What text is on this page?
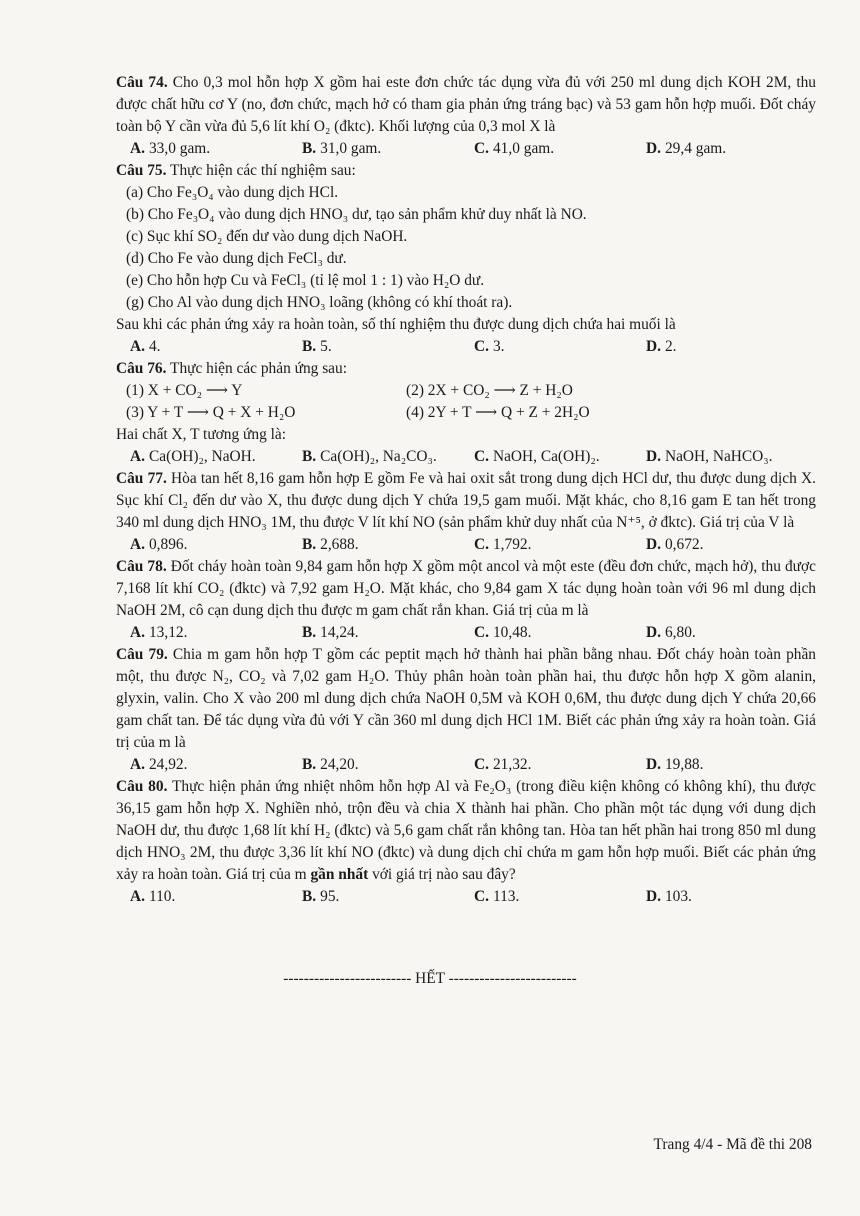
Câu 74. Cho 0,3 mol hỗn hợp X gồm hai este đơn chức tác dụng vừa đủ với 250 ml dung dịch KOH 2M, thu được chất hữu cơ Y (no, đơn chức, mạch hở có tham gia phản ứng tráng bạc) và 53 gam hỗn hợp muối. Đốt cháy toàn bộ Y cần vừa đủ 5,6 lít khí O₂ (đktc). Khối lượng của 0,3 mol X là
A. 33,0 gam.	B. 31,0 gam.	C. 41,0 gam.	D. 29,4 gam.
Câu 75. Thực hiện các thí nghiệm sau:
(a) Cho Fe₃O₄ vào dung dịch HCl.
(b) Cho Fe₃O₄ vào dung dịch HNO₃ dư, tạo sản phẩm khử duy nhất là NO.
(c) Sục khí SO₂ đến dư vào dung dịch NaOH.
(d) Cho Fe vào dung dịch FeCl₃ dư.
(e) Cho hỗn hợp Cu và FeCl₃ (tỉ lệ mol 1 : 1) vào H₂O dư.
(g) Cho Al vào dung dịch HNO₃ loãng (không có khí thoát ra).
Sau khi các phản ứng xảy ra hoàn toàn, số thí nghiệm thu được dung dịch chứa hai muối là
A. 4.	B. 5.	C. 3.	D. 2.
Câu 76. Thực hiện các phản ứng sau:
(1) X + CO₂ ⟶ Y	(2) 2X + CO₂ ⟶ Z + H₂O
(3) Y + T ⟶ Q + X + H₂O	(4) 2Y + T ⟶ Q + Z + 2H₂O
Hai chất X, T tương ứng là:
A. Ca(OH)₂, NaOH.	B. Ca(OH)₂, Na₂CO₃.	C. NaOH, Ca(OH)₂.	D. NaOH, NaHCO₃.
Câu 77. Hòa tan hết 8,16 gam hỗn hợp E gồm Fe và hai oxit sắt trong dung dịch HCl dư, thu được dung dịch X. Sục khí Cl₂ đến dư vào X, thu được dung dịch Y chứa 19,5 gam muối. Mặt khác, cho 8,16 gam E tan hết trong 340 ml dung dịch HNO₃ 1M, thu được V lít khí NO (sản phẩm khử duy nhất của N⁺⁵, ở đktc). Giá trị của V là
A. 0,896.	B. 2,688.	C. 1,792.	D. 0,672.
Câu 78. Đốt cháy hoàn toàn 9,84 gam hỗn hợp X gồm một ancol và một este (đều đơn chức, mạch hở), thu được 7,168 lít khí CO₂ (đktc) và 7,92 gam H₂O. Mặt khác, cho 9,84 gam X tác dụng hoàn toàn với 96 ml dung dịch NaOH 2M, cô cạn dung dịch thu được m gam chất rắn khan. Giá trị của m là
A. 13,12.	B. 14,24.	C. 10,48.	D. 6,80.
Câu 79. Chia m gam hỗn hợp T gồm các peptit mạch hở thành hai phần bằng nhau. Đốt cháy hoàn toàn phần một, thu được N₂, CO₂ và 7,02 gam H₂O. Thủy phân hoàn toàn phần hai, thu được hỗn hợp X gồm alanin, glyxin, valin. Cho X vào 200 ml dung dịch chứa NaOH 0,5M và KOH 0,6M, thu được dung dịch Y chứa 20,66 gam chất tan. Để tác dụng vừa đủ với Y cần 360 ml dung dịch HCl 1M. Biết các phản ứng xảy ra hoàn toàn. Giá trị của m là
A. 24,92.	B. 24,20.	C. 21,32.	D. 19,88.
Câu 80. Thực hiện phản ứng nhiệt nhôm hỗn hợp Al và Fe₂O₃ (trong điều kiện không có không khí), thu được 36,15 gam hỗn hợp X. Nghiền nhỏ, trộn đều và chia X thành hai phần. Cho phần một tác dụng với dung dịch NaOH dư, thu được 1,68 lít khí H₂ (đktc) và 5,6 gam chất rắn không tan. Hòa tan hết phần hai trong 850 ml dung dịch HNO₃ 2M, thu được 3,36 lít khí NO (đktc) và dung dịch chỉ chứa m gam hỗn hợp muối. Biết các phản ứng xảy ra hoàn toàn. Giá trị của m gần nhất với giá trị nào sau đây?
A. 110.	B. 95.	C. 113.	D. 103.
------------------------- HẾT -------------------------
Trang 4/4 - Mã đề thi 208
